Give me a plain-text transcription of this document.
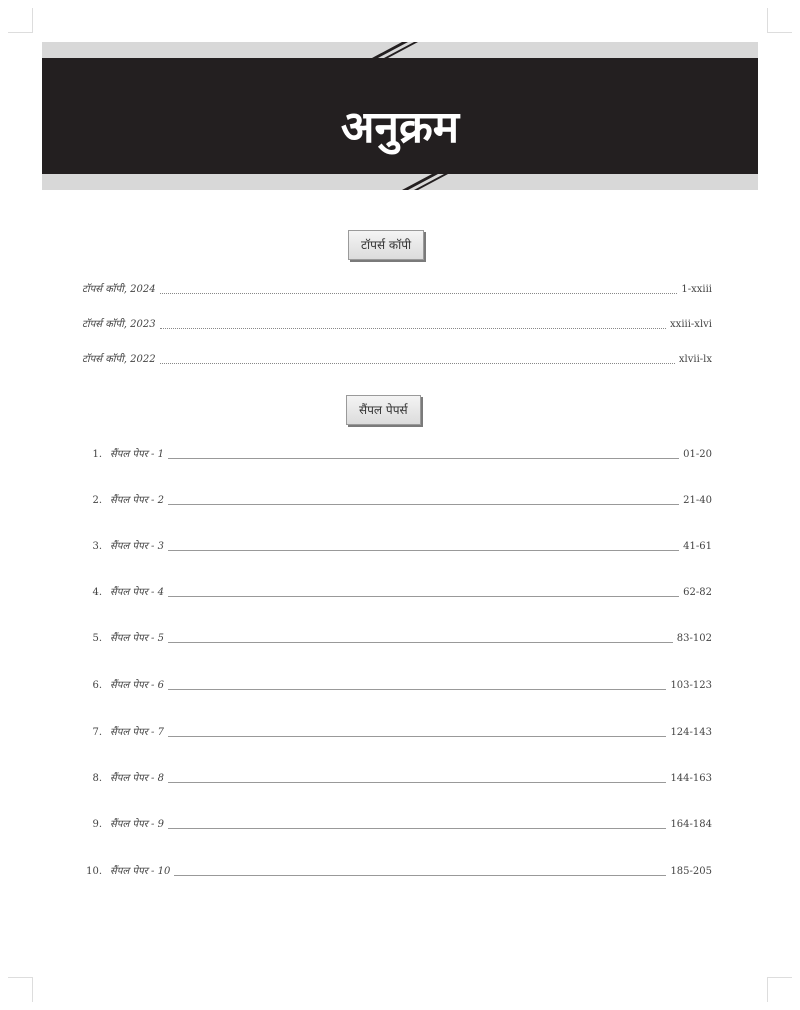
अनुक्रम
टॉपर्स कॉपी
टॉपर्स कॉपी, 2024	1-xxiii
टॉपर्स कॉपी, 2023	xxiii-xlvi
टॉपर्स कॉपी, 2022	xlvii-lx
सैंपल पेपर्स
1. सैंपल पेपर - 1	01-20
2. सैंपल पेपर - 2	21-40
3. सैंपल पेपर - 3	41-61
4. सैंपल पेपर - 4	62-82
5. सैंपल पेपर - 5	83-102
6. सैंपल पेपर - 6	103-123
7. सैंपल पेपर - 7	124-143
8. सैंपल पेपर - 8	144-163
9. सैंपल पेपर - 9	164-184
10. सैंपल पेपर - 10	185-205
